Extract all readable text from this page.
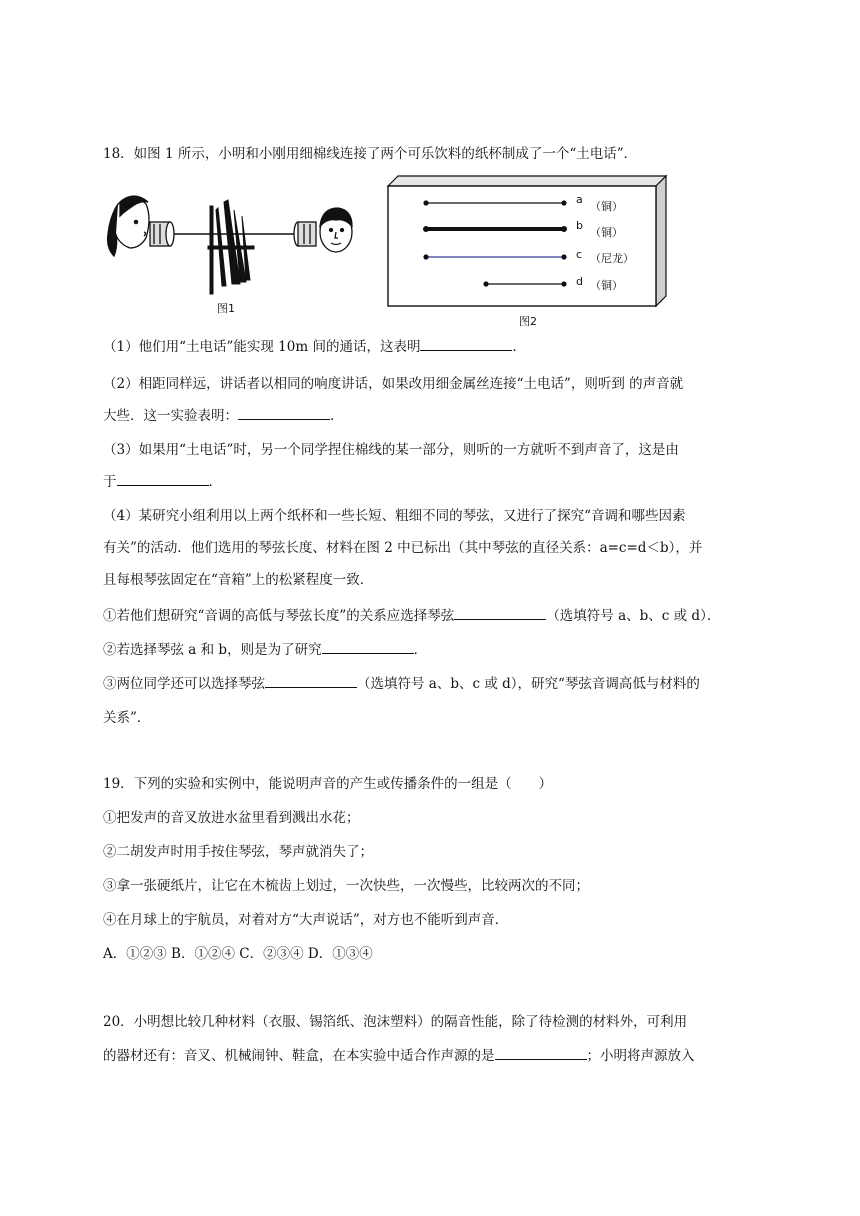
18．如图 1 所示，小明和小刚用细棉线连接了两个可乐饮料的纸杯制成了一个“土电话”．
图1
a
（铜）
b
（铜）
c （尼龙）
d （铜）
图2
（1）他们用“土电话”能实现 10m 间的通话，这表明	．
（2）相距同样远，讲话者以相同的响度讲话，如果改用细金属丝连接“土电话”，则听到 的声音就
大些．这一实验表明：	．
（3）如果用“土电话”时，另一个同学捏住棉线的某一部分，则听的一方就听不到声音了，这是由
于	．
（4）某研究小组利用以上两个纸杯和一些长短、粗细不同的琴弦，又进行了探究“音调和哪些因素
有关”的活动．他们选用的琴弦长度、材料在图 2 中已标出（其中琴弦的直径关系：a=c=d＜b），并
且每根琴弦固定在“音箱”上的松紧程度一致．
①若他们想研究“音调的高低与琴弦长度”的关系应选择琴弦	（选填符号 a、b、c 或 d）．
②若选择琴弦 a 和 b，则是为了研究	．
③两位同学还可以选择琴弦	（选填符号 a、b、c 或 d），研究“琴弦音调高低与材料的
关系”．
19．下列的实验和实例中，能说明声音的产生或传播条件的一组是（　　）
①把发声的音叉放进水盆里看到溅出水花；
②二胡发声时用手按住琴弦，琴声就消失了；
③拿一张硬纸片，让它在木梳齿上划过，一次快些，一次慢些，比较两次的不同；
④在月球上的宇航员，对着对方“大声说话”，对方也不能听到声音．
A．①②③ B．①②④ C．②③④ D．①③④
20．小明想比较几种材料（衣服、锡箔纸、泡沫塑料）的隔音性能，除了待检测的材料外，可利用
的器材还有：音叉、机械闹钟、鞋盒，在本实验中适合作声源的是	；小明将声源放入
